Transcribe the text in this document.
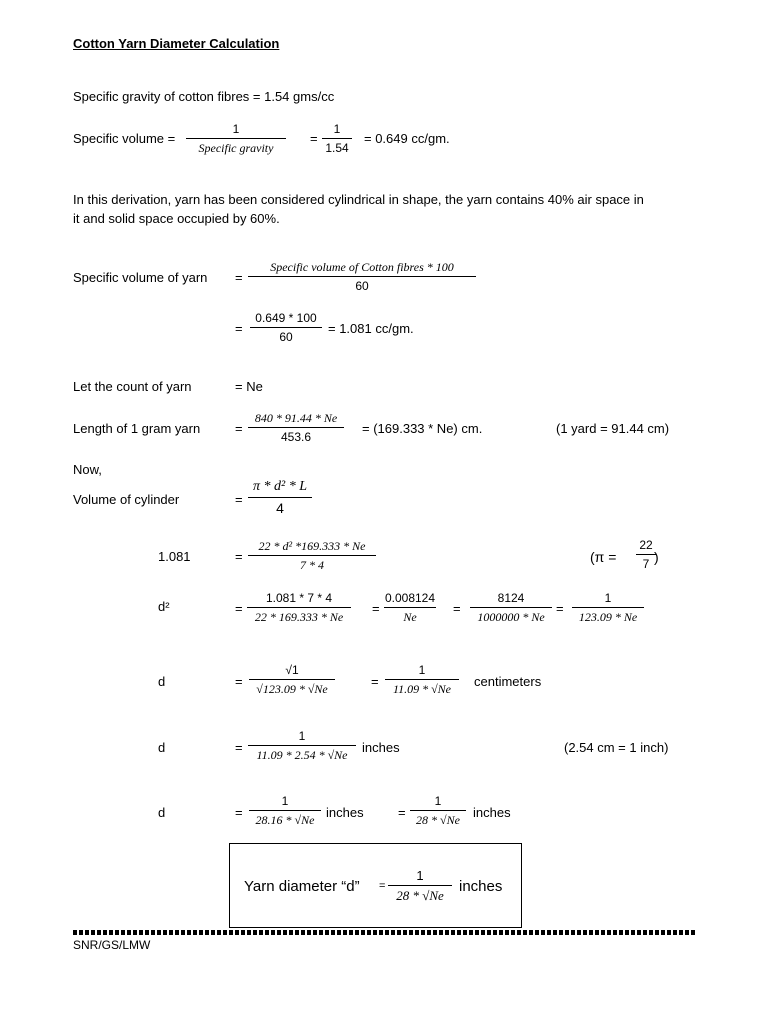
Cotton Yarn Diameter Calculation
Specific gravity of cotton fibres = 1.54 gms/cc
Specific volume =
1
Specific gravity
= $\frac{1}{1.54} = 0.649$ cc/gm.
In this derivation, yarn has been considered cylindrical in shape, the yarn contains 40% air space in
it and solid space occupied by 60%.
Specific volume of yarn =
Specific volume of Cotton fibres * 100
60
= $\frac{0.649 * 100}{60} = 1.081$ cc/gm.
Let the count of yarn	= Ne
Length of 1 gram yarn	= $\frac{840 * 91.44 * Ne}{453.6} = (169.333 * Ne)$ cm.	(1 yard = 91.44 cm)
Now,
Volume of cylinder	= $\frac{\text{π * d² * L}}{4}$
1.081	= $\frac{\text{22 * d² *169.333 * Ne}}{7 * 4}$	($\pi = \frac{22}{7}$
)
d²	= $\frac{1.081 * 7 * 4}{22 * 169.333 * Ne} = \frac{0.008124}{Ne} = \frac{8124}{1000000 * Ne} = \frac{1}{123.09 * Ne}$
d	= $\frac{√1}{√123.09 * √Ne}$	= $\frac{1}{11.09 * √Ne}$ centimeters
d	= $\frac{1}{11.09 * 2.54 * √Ne}$ inches	(2.54 cm = 1 inch)
d	= $\frac{1}{28.16 * √Ne}$ inches	= $\frac{1}{28 * √Ne}$ inches
Yarn diameter “d” = $\frac{1}{28 * √Ne}$ inches
SNR/GS/LMW
